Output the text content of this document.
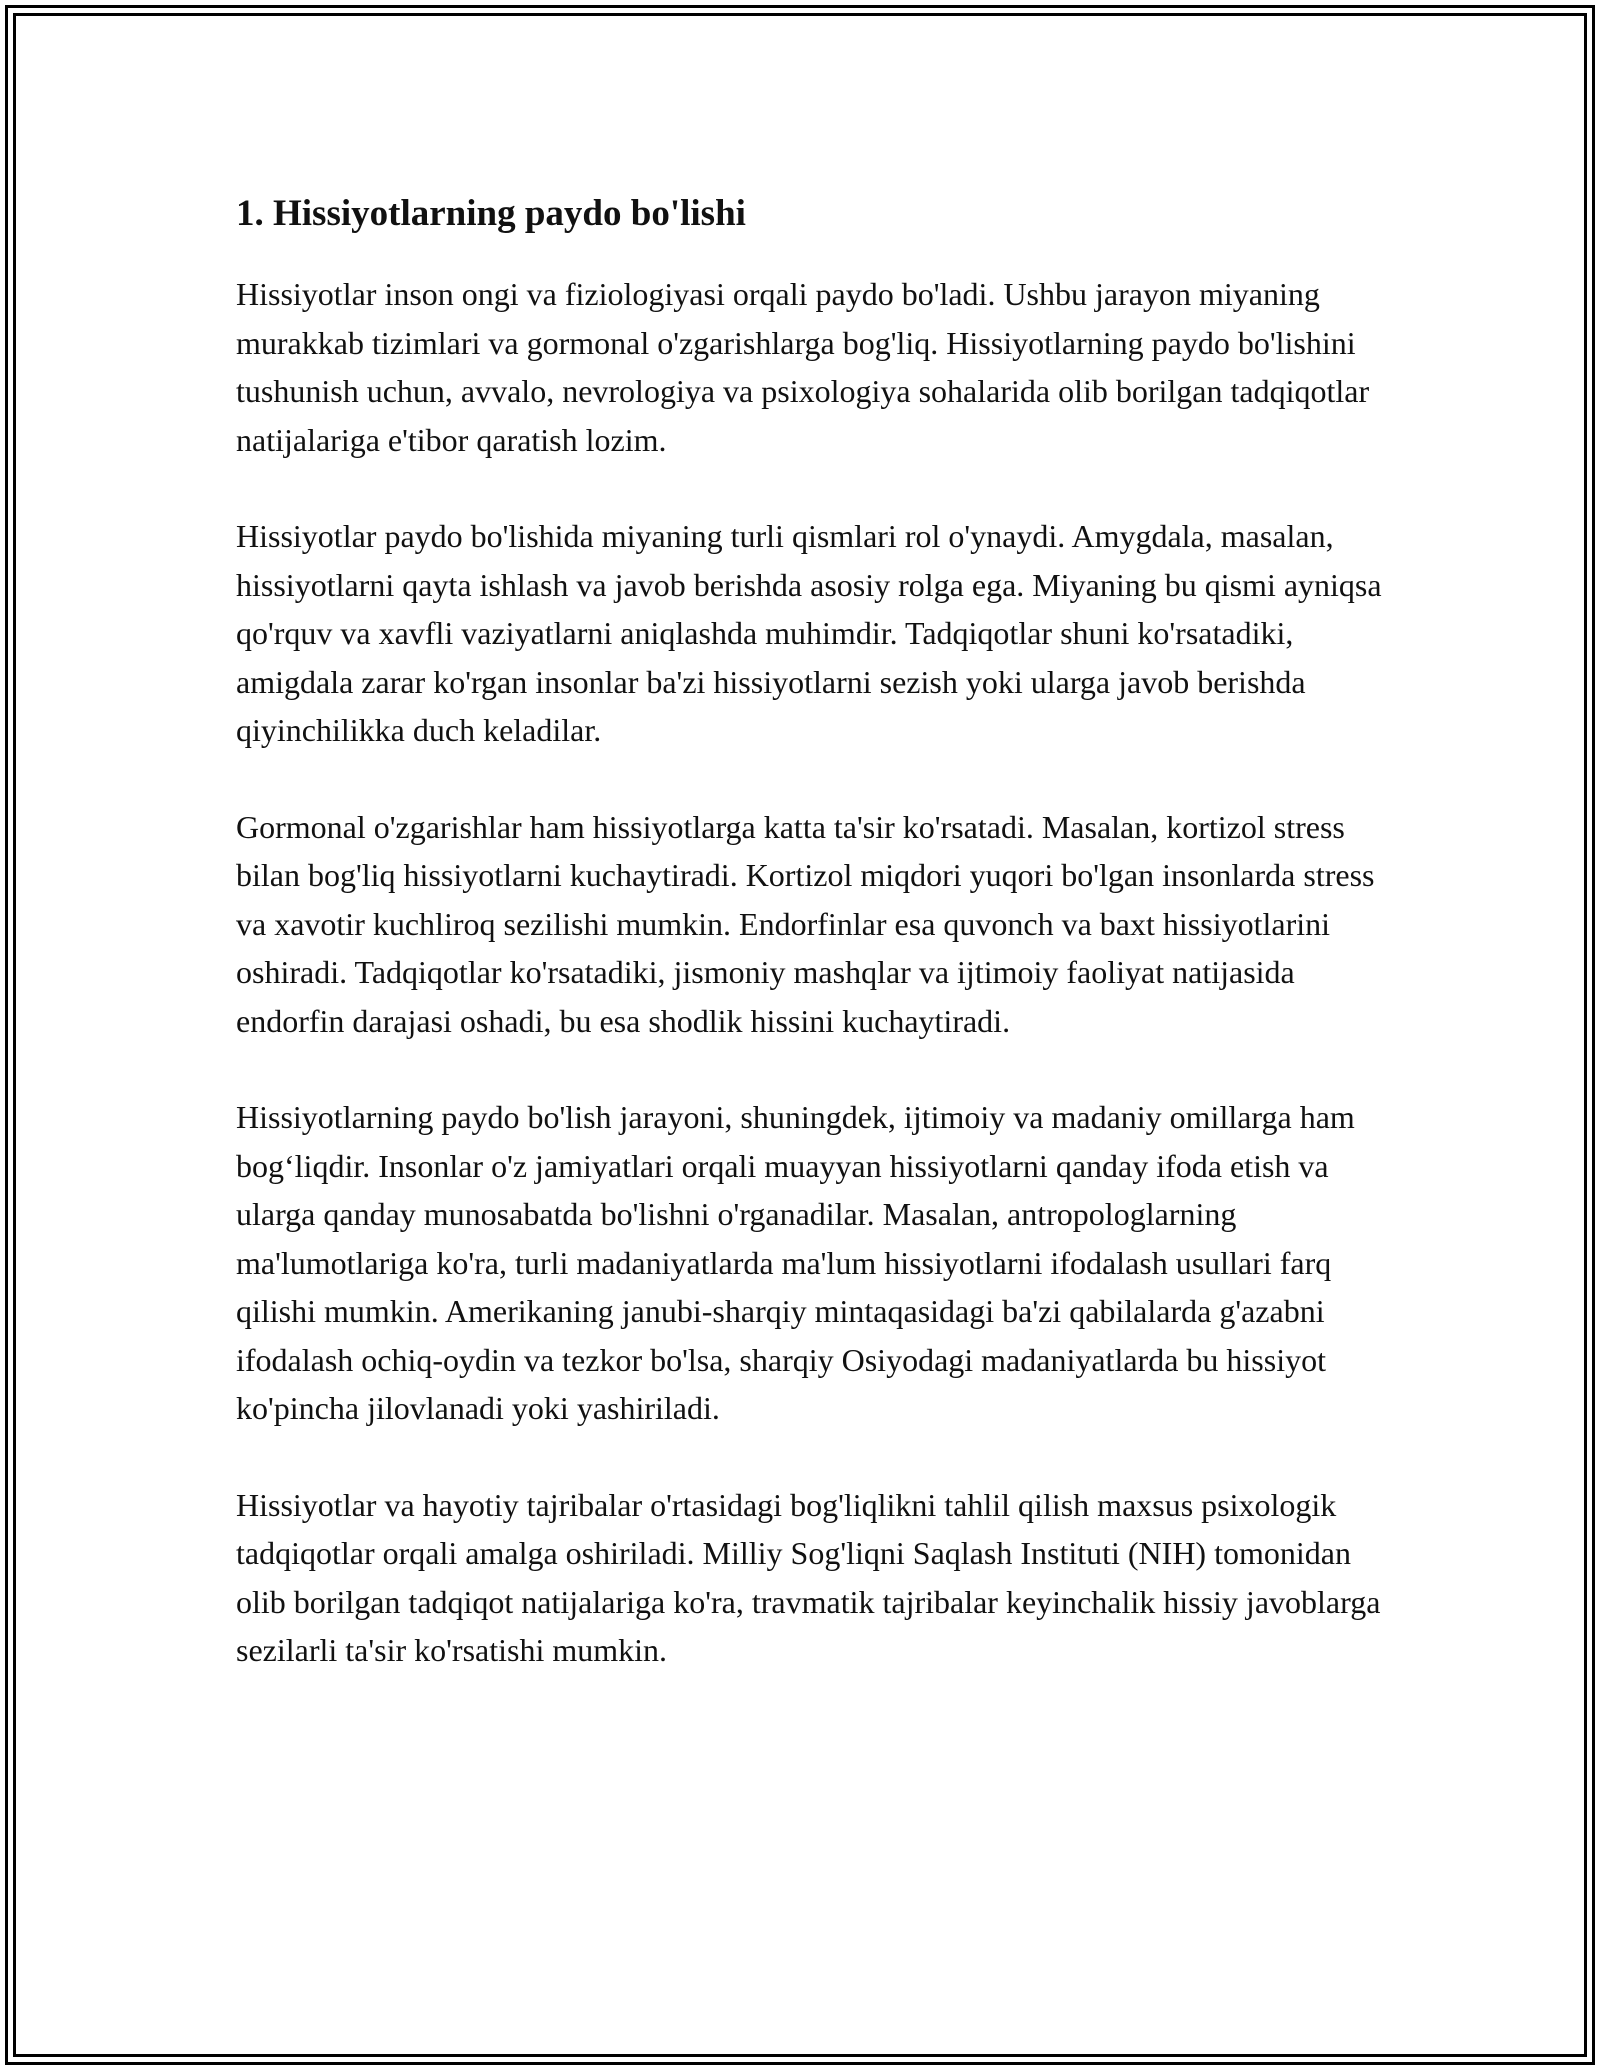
1. Hissiyotlarning paydo bo'lishi

Hissiyotlar inson ongi va fiziologiyasi orqali paydo bo'ladi. Ushbu jarayon miyaning murakkab tizimlari va gormonal o'zgarishlarga bog'liq. Hissiyotlarning paydo bo'lishini tushunish uchun, avvalo, nevrologiya va psixologiya sohalarida olib borilgan tadqiqotlar natijalariga e'tibor qaratish lozim.

Hissiyotlar paydo bo'lishida miyaning turli qismlari rol o'ynaydi. Amygdala, masalan, hissiyotlarni qayta ishlash va javob berishda asosiy rolga ega. Miyaning bu qismi ayniqsa qo'rquv va xavfli vaziyatlarni aniqlashda muhimdir. Tadqiqotlar shuni ko'rsatadiki, amigdala zarar ko'rgan insonlar ba'zi hissiyotlarni sezish yoki ularga javob berishda qiyinchilikka duch keladilar.

Gormonal o'zgarishlar ham hissiyotlarga katta ta'sir ko'rsatadi. Masalan, kortizol stress bilan bog'liq hissiyotlarni kuchaytiradi. Kortizol miqdori yuqori bo'lgan insonlarda stress va xavotir kuchliroq sezilishi mumkin. Endorfinlar esa quvonch va baxt hissiyotlarini oshiradi. Tadqiqotlar ko'rsatadiki, jismoniy mashqlar va ijtimoiy faoliyat natijasida endorfin darajasi oshadi, bu esa shodlik hissini kuchaytiradi.

Hissiyotlarning paydo bo'lish jarayoni, shuningdek, ijtimoiy va madaniy omillarga ham bog‘liqdir. Insonlar o'z jamiyatlari orqali muayyan hissiyotlarni qanday ifoda etish va ularga qanday munosabatda bo'lishni o'rganadilar. Masalan, antropologlarning ma'lumotlariga ko'ra, turli madaniyatlarda ma'lum hissiyotlarni ifodalash usullari farq qilishi mumkin. Amerikaning janubi-sharqiy mintaqasidagi ba'zi qabilalarda g'azabni ifodalash ochiq-oydin va tezkor bo'lsa, sharqiy Osiyodagi madaniyatlarda bu hissiyot ko'pincha jilovlanadi yoki yashiriladi.

Hissiyotlar va hayotiy tajribalar o'rtasidagi bog'liqlikni tahlil qilish maxsus psixologik tadqiqotlar orqali amalga oshiriladi. Milliy Sog'liqni Saqlash Instituti (NIH) tomonidan olib borilgan tadqiqot natijalariga ko'ra, travmatik tajribalar keyinchalik hissiy javoblarga sezilarli ta'sir ko'rsatishi mumkin.
